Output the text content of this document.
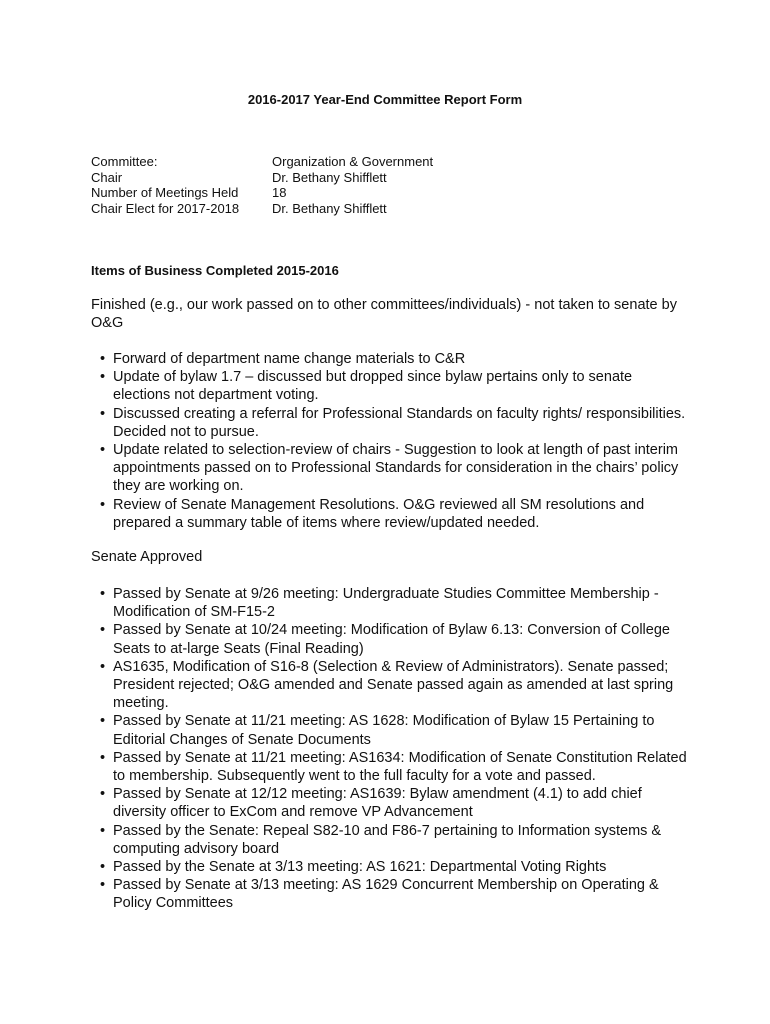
2016-2017 Year-End Committee Report Form
Committee:	Organization & Government
Chair	Dr. Bethany Shifflett
Number of Meetings Held	18
Chair Elect for 2017-2018	Dr. Bethany Shifflett
Items of Business Completed 2015-2016
Finished (e.g., our work passed on to other committees/individuals) - not taken to senate by O&G
• Forward of department name change materials to C&R
• Update of bylaw 1.7 – discussed but dropped since bylaw pertains only to senate elections not department voting.
• Discussed creating a referral for Professional Standards on faculty rights/ responsibilities. Decided not to pursue.
• Update related to selection-review of chairs - Suggestion to look at length of past interim appointments passed on to Professional Standards for consideration in the chairs’ policy they are working on.
• Review of Senate Management Resolutions. O&G reviewed all SM resolutions and prepared a summary table of items where review/updated needed.
Senate Approved
• Passed by Senate at 9/26 meeting: Undergraduate Studies Committee Membership - Modification of SM-F15-2
• Passed by Senate at 10/24 meeting: Modification of Bylaw 6.13: Conversion of College Seats to at-large Seats (Final Reading)
• AS1635, Modification of S16-8 (Selection & Review of Administrators). Senate passed; President rejected; O&G amended and Senate passed again as amended at last spring meeting.
• Passed by Senate at 11/21 meeting: AS 1628: Modification of Bylaw 15 Pertaining to Editorial Changes of Senate Documents
• Passed by Senate at 11/21 meeting: AS1634: Modification of Senate Constitution Related to membership. Subsequently went to the full faculty for a vote and passed.
• Passed by Senate at 12/12 meeting: AS1639: Bylaw amendment (4.1) to add chief diversity officer to ExCom and remove VP Advancement
• Passed by the Senate: Repeal S82-10 and F86-7 pertaining to Information systems & computing advisory board
• Passed by the Senate at 3/13 meeting: AS 1621: Departmental Voting Rights
• Passed by Senate at 3/13 meeting: AS 1629 Concurrent Membership on Operating & Policy Committees
